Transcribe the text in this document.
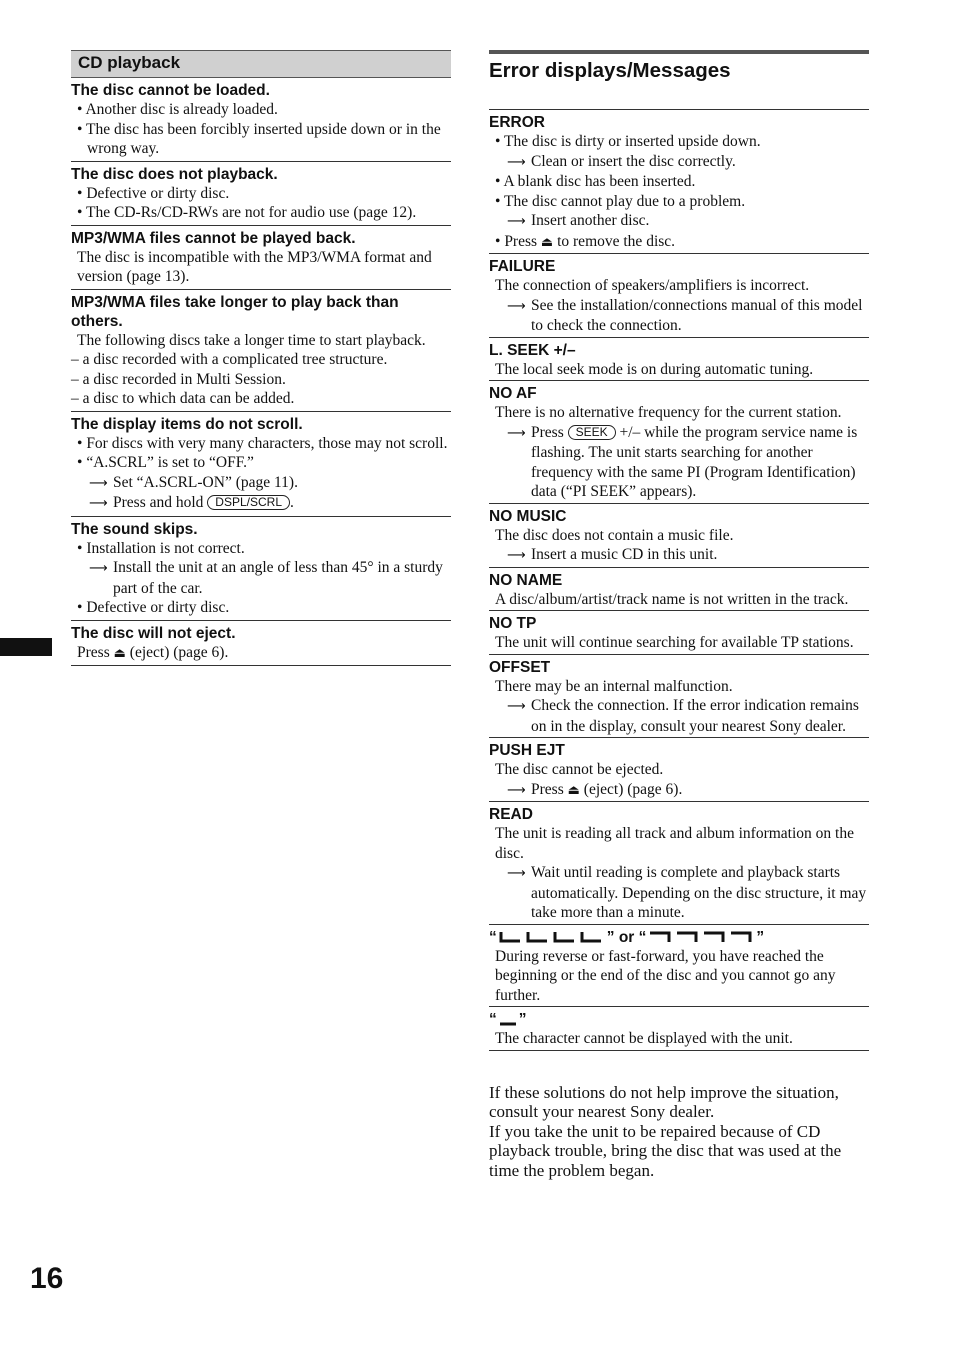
CD playback
The disc cannot be loaded.
• Another disc is already loaded.
• The disc has been forcibly inserted upside down or in the wrong way.
The disc does not playback.
• Defective or dirty disc.
• The CD-Rs/CD-RWs are not for audio use (page 12).
MP3/WMA files cannot be played back.
The disc is incompatible with the MP3/WMA format and version (page 13).
MP3/WMA files take longer to play back than others.
The following discs take a longer time to start playback.
– a disc recorded with a complicated tree structure.
– a disc recorded in Multi Session.
– a disc to which data can be added.
The display items do not scroll.
• For discs with very many characters, those may not scroll.
• “A.SCRL” is set to “OFF.”
⟶ Set “A.SCRL-ON” (page 11).
⟶ Press and hold DSPL/SCRL .
The sound skips.
• Installation is not correct.
⟶ Install the unit at an angle of less than 45° in a sturdy part of the car.
• Defective or dirty disc.
The disc will not eject.
Press ⏏ (eject) (page 6).
Error displays/Messages
ERROR
• The disc is dirty or inserted upside down.
⟶ Clean or insert the disc correctly.
• A blank disc has been inserted.
• The disc cannot play due to a problem.
⟶ Insert another disc.
• Press ⏏ to remove the disc.
FAILURE
The connection of speakers/amplifiers is incorrect.
⟶ See the installation/connections manual of this model to check the connection.
L. SEEK +/–
The local seek mode is on during automatic tuning.
NO AF
There is no alternative frequency for the current station.
⟶ Press SEEK +/– while the program service name is flashing. The unit starts searching for another frequency with the same PI (Program Identification) data (“PI SEEK” appears).
NO MUSIC
The disc does not contain a music file.
⟶ Insert a music CD in this unit.
NO NAME
A disc/album/artist/track name is not written in the track.
NO TP
The unit will continue searching for available TP stations.
OFFSET
There may be an internal malfunction.
⟶ Check the connection. If the error indication remains on in the display, consult your nearest Sony dealer.
PUSH EJT
The disc cannot be ejected.
⟶ Press ⏏ (eject) (page 6).
READ
The unit is reading all track and album information on the disc.
⟶ Wait until reading is complete and playback starts automatically. Depending on the disc structure, it may take more than a minute.
“	” or “	”
During reverse or fast-forward, you have reached the beginning or the end of the disc and you cannot go any further.
“ ”
The character cannot be displayed with the unit.
If these solutions do not help improve the situation, consult your nearest Sony dealer.
If you take the unit to be repaired because of CD playback trouble, bring the disc that was used at the time the problem began.
16
